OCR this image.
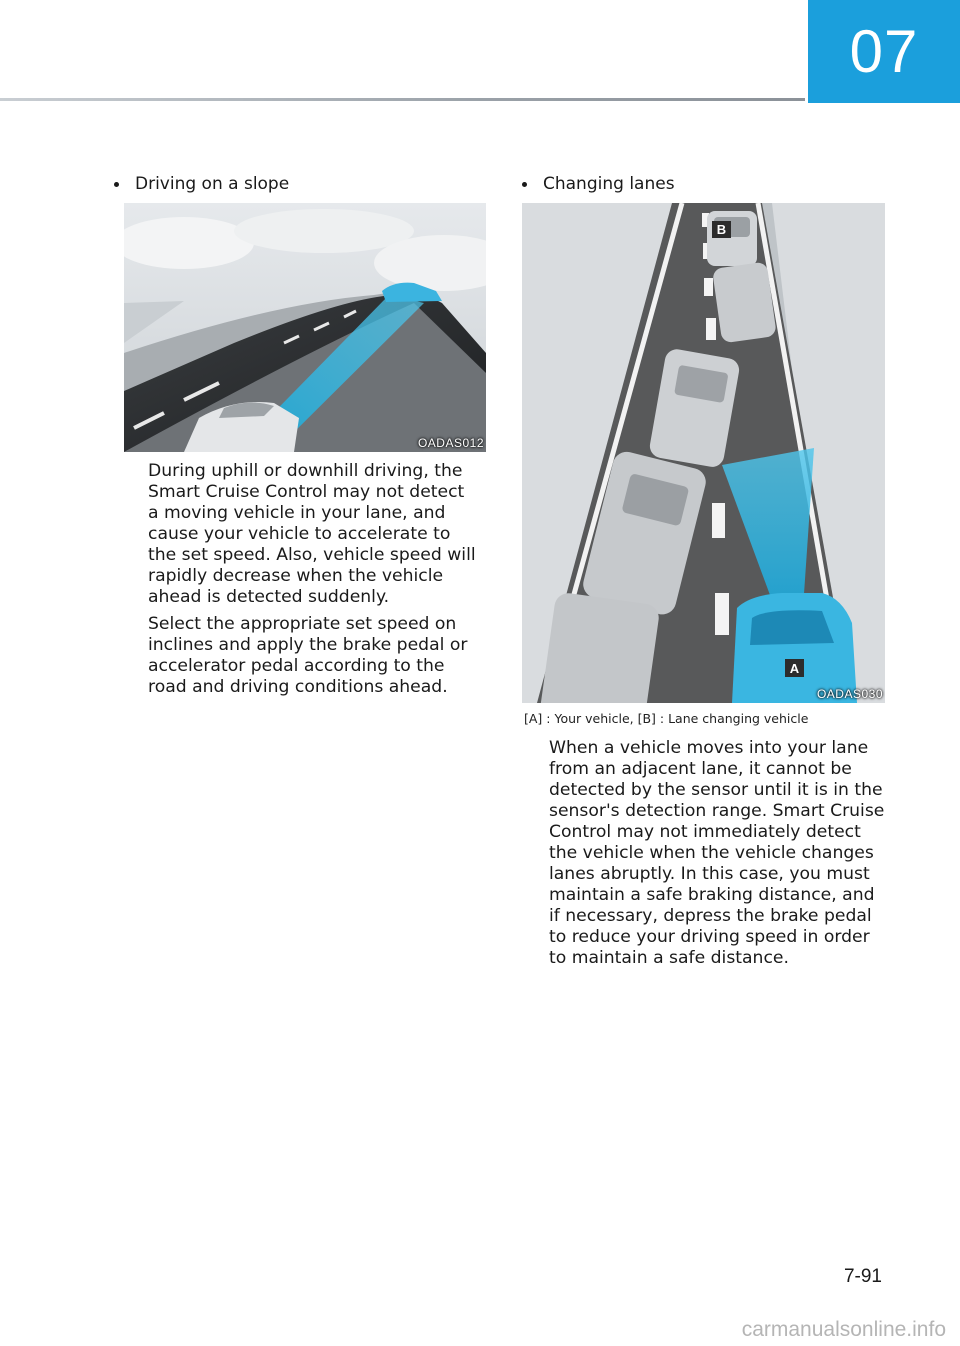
07
Driving on a slope
OADAS012

During uphill or downhill driving, the
Smart Cruise Control may not detect
a moving vehicle in your lane, and
cause your vehicle to accelerate to
the set speed. Also, vehicle speed will
rapidly decrease when the vehicle
ahead is detected suddenly.

Select the appropriate set speed on
inclines and apply the brake pedal or
accelerator pedal according to the
road and driving conditions ahead.

Changing lanes
B
A
OADAS030
[A] : Your vehicle, [B] : Lane changing vehicle

When a vehicle moves into your lane
from an adjacent lane, it cannot be
detected by the sensor until it is in the
sensor's detection range. Smart Cruise
Control may not immediately detect
the vehicle when the vehicle changes
lanes abruptly. In this case, you must
maintain a safe braking distance, and
if necessary, depress the brake pedal
to reduce your driving speed in order
to maintain a safe distance.

7-91
carmanualsonline.info
